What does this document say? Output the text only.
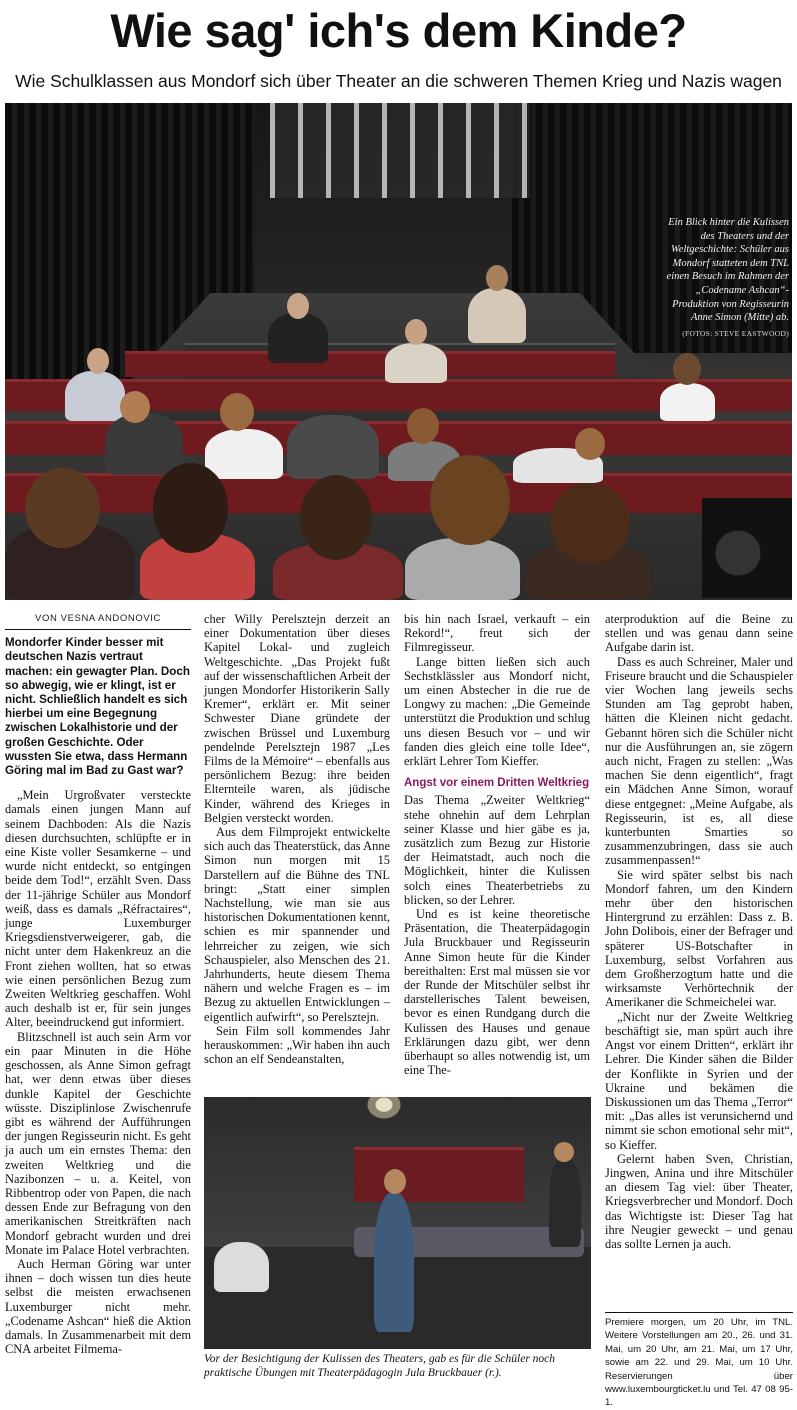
Wie sag' ich's dem Kinde?
Wie Schulklassen aus Mondorf sich über Theater an die schweren Themen Krieg und Nazis wagen
Ein Blick hinter die Kulissen des Theaters und der Weltgeschichte: Schüler aus Mondorf statteten dem TNL einen Besuch im Rahmen der „Codename Ashcan“-Produktion von Regisseurin Anne Simon (Mitte) ab.
(FOTOS: STEVE EASTWOOD)
VON VESNA ANDONOVIC
Mondorfer Kinder besser mit deutschen Nazis vertraut machen: ein gewagter Plan. Doch so abwegig, wie er klingt, ist er nicht. Schließlich handelt es sich hierbei um eine Begegnung zwischen Lokalhistorie und der großen Geschichte. Oder wussten Sie etwa, dass Hermann Göring mal im Bad zu Gast war?

„Mein Urgroßvater versteckte damals einen jungen Mann auf seinem Dachboden: Als die Nazis diesen durchsuchten, schlüpfte er in eine Kiste voller Sesamkerne – und wurde nicht entdeckt, so entgingen beide dem Tod!“, erzählt Sven. Dass der 11-jährige Schüler aus Mondorf weiß, dass es damals „Réfractaires“, junge Luxemburger Kriegsdienstverweigerer, gab, die nicht unter dem Hakenkreuz an die Front ziehen wollten, hat so etwas wie einen persönlichen Bezug zum Zweiten Weltkrieg geschaffen. Wohl auch deshalb ist er, für sein junges Alter, beeindruckend gut informiert.

Blitzschnell ist auch sein Arm vor ein paar Minuten in die Höhe geschossen, als Anne Simon gefragt hat, wer denn etwas über dieses dunkle Kapitel der Geschichte wüsste. Disziplinlose Zwischenrufe gibt es während der Aufführungen der jungen Regisseurin nicht. Es geht ja auch um ein ernstes Thema: den zweiten Weltkrieg und die Nazibonzen – u. a. Keitel, von Ribbentrop oder von Papen, die nach dessen Ende zur Befragung von den amerikanischen Streitkräften nach Mondorf gebracht wurden und drei Monate im Palace Hotel verbrachten.

Auch Herman Göring war unter ihnen – doch wissen tun dies heute selbst die meisten erwachsenen Luxemburger nicht mehr. „Codename Ashcan“ hieß die Aktion damals. In Zusammenarbeit mit dem CNA arbeitet Filmema-

cher Willy Perelsztejn derzeit an einer Dokumentation über dieses Kapitel Lokal- und zugleich Weltgeschichte. „Das Projekt fußt auf der wissenschaftlichen Arbeit der jungen Mondorfer Historikerin Sally Kremer“, erklärt er. Mit seiner Schwester Diane gründete der zwischen Brüssel und Luxemburg pendelnde Perelsztejn 1987 „Les Films de la Mémoire“ – ebenfalls aus persönlichem Bezug: ihre beiden Elternteile waren, als jüdische Kinder, während des Krieges in Belgien versteckt worden.

Aus dem Filmprojekt entwickelte sich auch das Theaterstück, das Anne Simon nun morgen mit 15 Darstellern auf die Bühne des TNL bringt: „Statt einer simplen Nachstellung, wie man sie aus historischen Dokumentationen kennt, schien es mir spannender und lehrreicher zu zeigen, wie sich Schauspieler, also Menschen des 21. Jahrhunderts, heute diesem Thema nähern und welche Fragen es – im Bezug zu aktuellen Entwicklungen – eigentlich aufwirft“, so Perelsztejn.

Sein Film soll kommendes Jahr herauskommen: „Wir haben ihn auch schon an elf Sendeanstalten,

bis hin nach Israel, verkauft – ein Rekord!“, freut sich der Filmregisseur.

Lange bitten ließen sich auch Sechstklässler aus Mondorf nicht, um einen Abstecher in die rue de Longwy zu machen: „Die Gemeinde unterstützt die Produktion und schlug uns diesen Besuch vor – und wir fanden dies gleich eine tolle Idee“, erklärt Lehrer Tom Kieffer.

Angst vor einem Dritten Weltkrieg

Das Thema „Zweiter Weltkrieg“ stehe ohnehin auf dem Lehrplan seiner Klasse und hier gäbe es ja, zusätzlich zum Bezug zur Historie der Heimatstadt, auch noch die Möglichkeit, hinter die Kulissen solch eines Theaterbetriebs zu blicken, so der Lehrer.

Und es ist keine theoretische Präsentation, die Theaterpädagogin Jula Bruckbauer und Regisseurin Anne Simon heute für die Kinder bereithalten: Erst mal müssen sie vor der Runde der Mitschüler selbst ihr darstellerisches Talent beweisen, bevor es einen Rundgang durch die Kulissen des Hauses und genaue Erklärungen dazu gibt, wer denn überhaupt so alles notwendig ist, um eine The-

aterproduktion auf die Beine zu stellen und was genau dann seine Aufgabe darin ist.

Dass es auch Schreiner, Maler und Friseure braucht und die Schauspieler vier Wochen lang jeweils sechs Stunden am Tag geprobt haben, hätten die Kleinen nicht gedacht. Gebannt hören sich die Schüler nicht nur die Ausführungen an, sie zögern auch nicht, Fragen zu stellen: „Was machen Sie denn eigentlich“, fragt ein Mädchen Anne Simon, worauf diese entgegnet: „Meine Aufgabe, als Regisseurin, ist es, all diese kunterbunten Smarties so zusammenzubringen, dass sie auch zusammenpassen!“

Sie wird später selbst bis nach Mondorf fahren, um den Kindern mehr über den historischen Hintergrund zu erzählen: Dass z. B. John Dolibois, einer der Befrager und späterer US-Botschafter in Luxemburg, selbst Vorfahren aus dem Großherzogtum hatte und die wirksamste Verhörtechnik der Amerikaner die Schmeichelei war.

„Nicht nur der Zweite Weltkrieg beschäftigt sie, man spürt auch ihre Angst vor einem Dritten“, erklärt ihr Lehrer. Die Kinder sähen die Bilder der Konflikte in Syrien und der Ukraine und bekämen die Diskussionen um das Thema „Terror“ mit: „Das alles ist verunsichernd und nimmt sie schon emotional sehr mit“, so Kieffer.

Gelernt haben Sven, Christian, Jingwen, Anina und ihre Mitschüler an diesem Tag viel: über Theater, Kriegsverbrecher und Mondorf. Doch das Wichtigste ist: Dieser Tag hat ihre Neugier geweckt – und genau das sollte Lernen ja auch.

Vor der Besichtigung der Kulissen des Theaters, gab es für die Schüler noch praktische Übungen mit Theaterpädagogin Jula Bruckbauer (r.).
Premiere morgen, um 20 Uhr, im TNL. Weitere Vorstellungen am 20., 26. und 31. Mai, um 20 Uhr, am 21. Mai, um 17 Uhr, sowie am 22. und 29. Mai, um 10 Uhr. Reservierungen über www.luxembourgticket.lu und Tel. 47 08 95-1.
